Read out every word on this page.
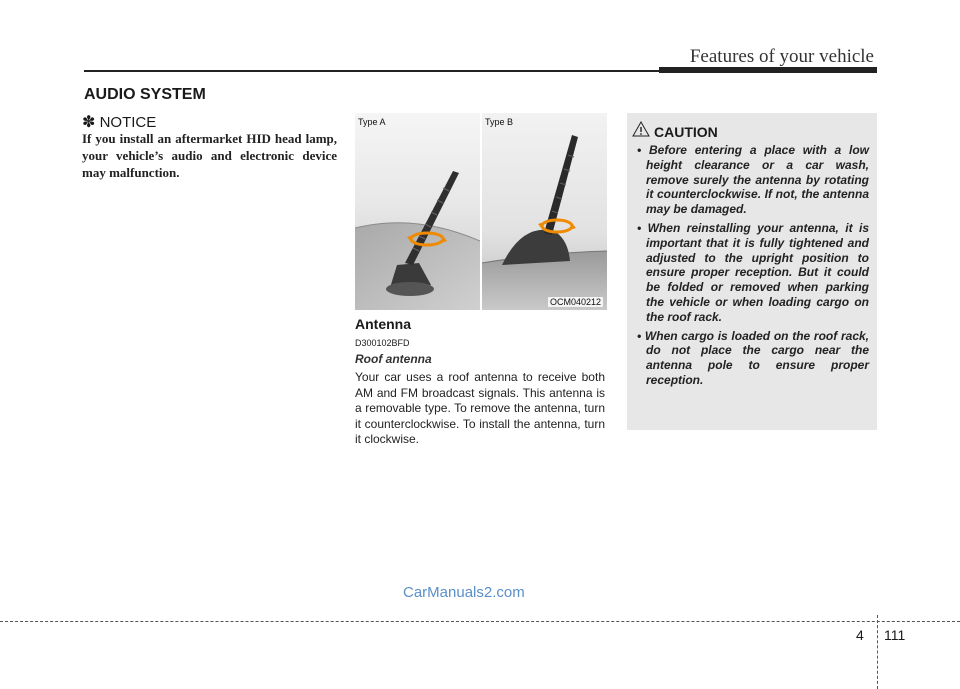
Features of your vehicle
AUDIO SYSTEM
✽ NOTICE
If you install an aftermarket HID head lamp, your vehicle’s audio and electronic device may malfunction.
Type A	Type B
OCM040212
Antenna
D300102BFD
Roof antenna
Your car uses a roof antenna to receive both AM and FM broadcast signals. This antenna is a removable type. To remove the antenna, turn it counterclockwise. To install the antenna, turn it clockwise.
CAUTION
• Before entering a place with a low height clearance or a car wash, remove surely the antenna by rotating it counterclockwise. If not, the antenna may be damaged.
• When reinstalling your antenna, it is important that it is fully tightened and adjusted to the upright position to ensure proper reception. But it could be folded or removed when parking the vehicle or when loading cargo on the roof rack.
• When cargo is loaded on the roof rack, do not place the cargo near the antenna pole to ensure proper reception.
CarManuals2.com
4 111
